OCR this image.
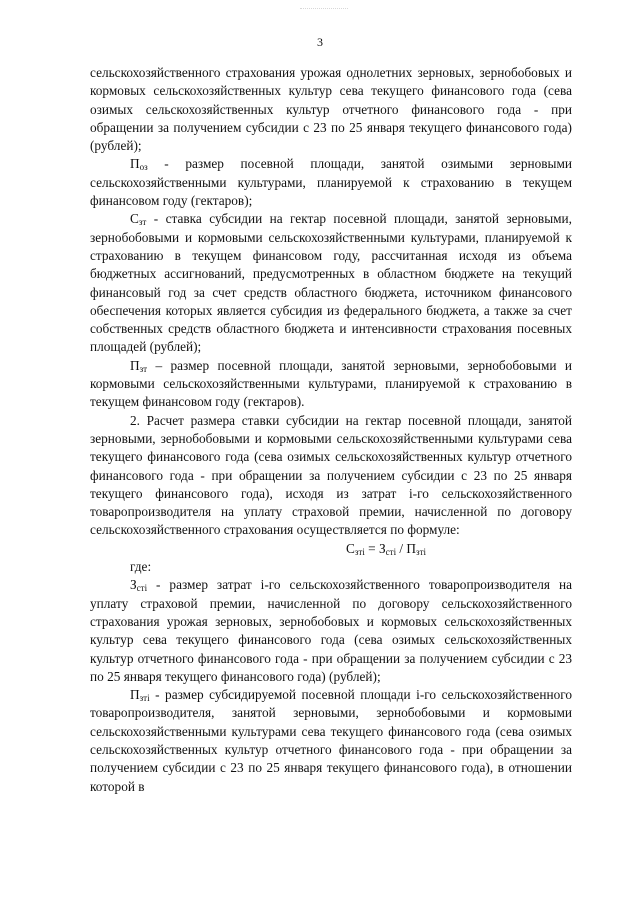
3

сельскохозяйственного страхования урожая однолетних зерновых, зернобобовых и кормовых сельскохозяйственных культур сева текущего финансового года (сева озимых сельскохозяйственных культур отчетного финансового года - при обращении за получением субсидии с 23 по 25 января текущего финансового года) (рублей);

$П_{оз}$ - размер посевной площади, занятой озимыми зерновыми сельскохозяйственными культурами, планируемой к страхованию в текущем финансовом году (гектаров);

$С_{зт}$ - ставка субсидии на гектар посевной площади, занятой зерновыми, зернобобовыми и кормовыми сельскохозяйственными культурами, планируемой к страхованию в текущем финансовом году, рассчитанная исходя из объема бюджетных ассигнований, предусмотренных в областном бюджете на текущий финансовый год за счет средств областного бюджета, источником финансового обеспечения которых является субсидия из федерального бюджета, а также за счет собственных средств областного бюджета и интенсивности страхования посевных площадей (рублей);

$П_{зт}$ – размер посевной площади, занятой зерновыми, зернобобовыми и кормовыми сельскохозяйственными культурами, планируемой к страхованию в текущем финансовом году (гектаров).

2. Расчет размера ставки субсидии на гектар посевной площади, занятой зерновыми, зернобобовыми и кормовыми сельскохозяйственными культурами сева текущего финансового года (сева озимых сельскохозяйственных культур отчетного финансового года - при обращении за получением субсидии с 23 по 25 января текущего финансового года), исходя из затрат i-го сельскохозяйственного товаропроизводителя на уплату страховой премии, начисленной по договору сельскохозяйственного страхования осуществляется по формуле:

$С_{зтi} = З_{стi} / П_{зтi}$

где:

$З_{стi}$ - размер затрат i-го сельскохозяйственного товаропроизводителя на уплату страховой премии, начисленной по договору сельскохозяйственного страхования урожая зерновых, зернобобовых и кормовых сельскохозяйственных культур сева текущего финансового года (сева озимых сельскохозяйственных культур отчетного финансового года - при обращении за получением субсидии с 23 по 25 января текущего финансового года) (рублей);

$П_{зтi}$ - размер субсидируемой посевной площади i-го сельскохозяйственного товаропроизводителя, занятой зерновыми, зернобобовыми и кормовыми сельскохозяйственными культурами сева текущего финансового года (сева озимых сельскохозяйственных культур отчетного финансового года - при обращении за получением субсидии с 23 по 25 января текущего финансового года), в отношении которой в
